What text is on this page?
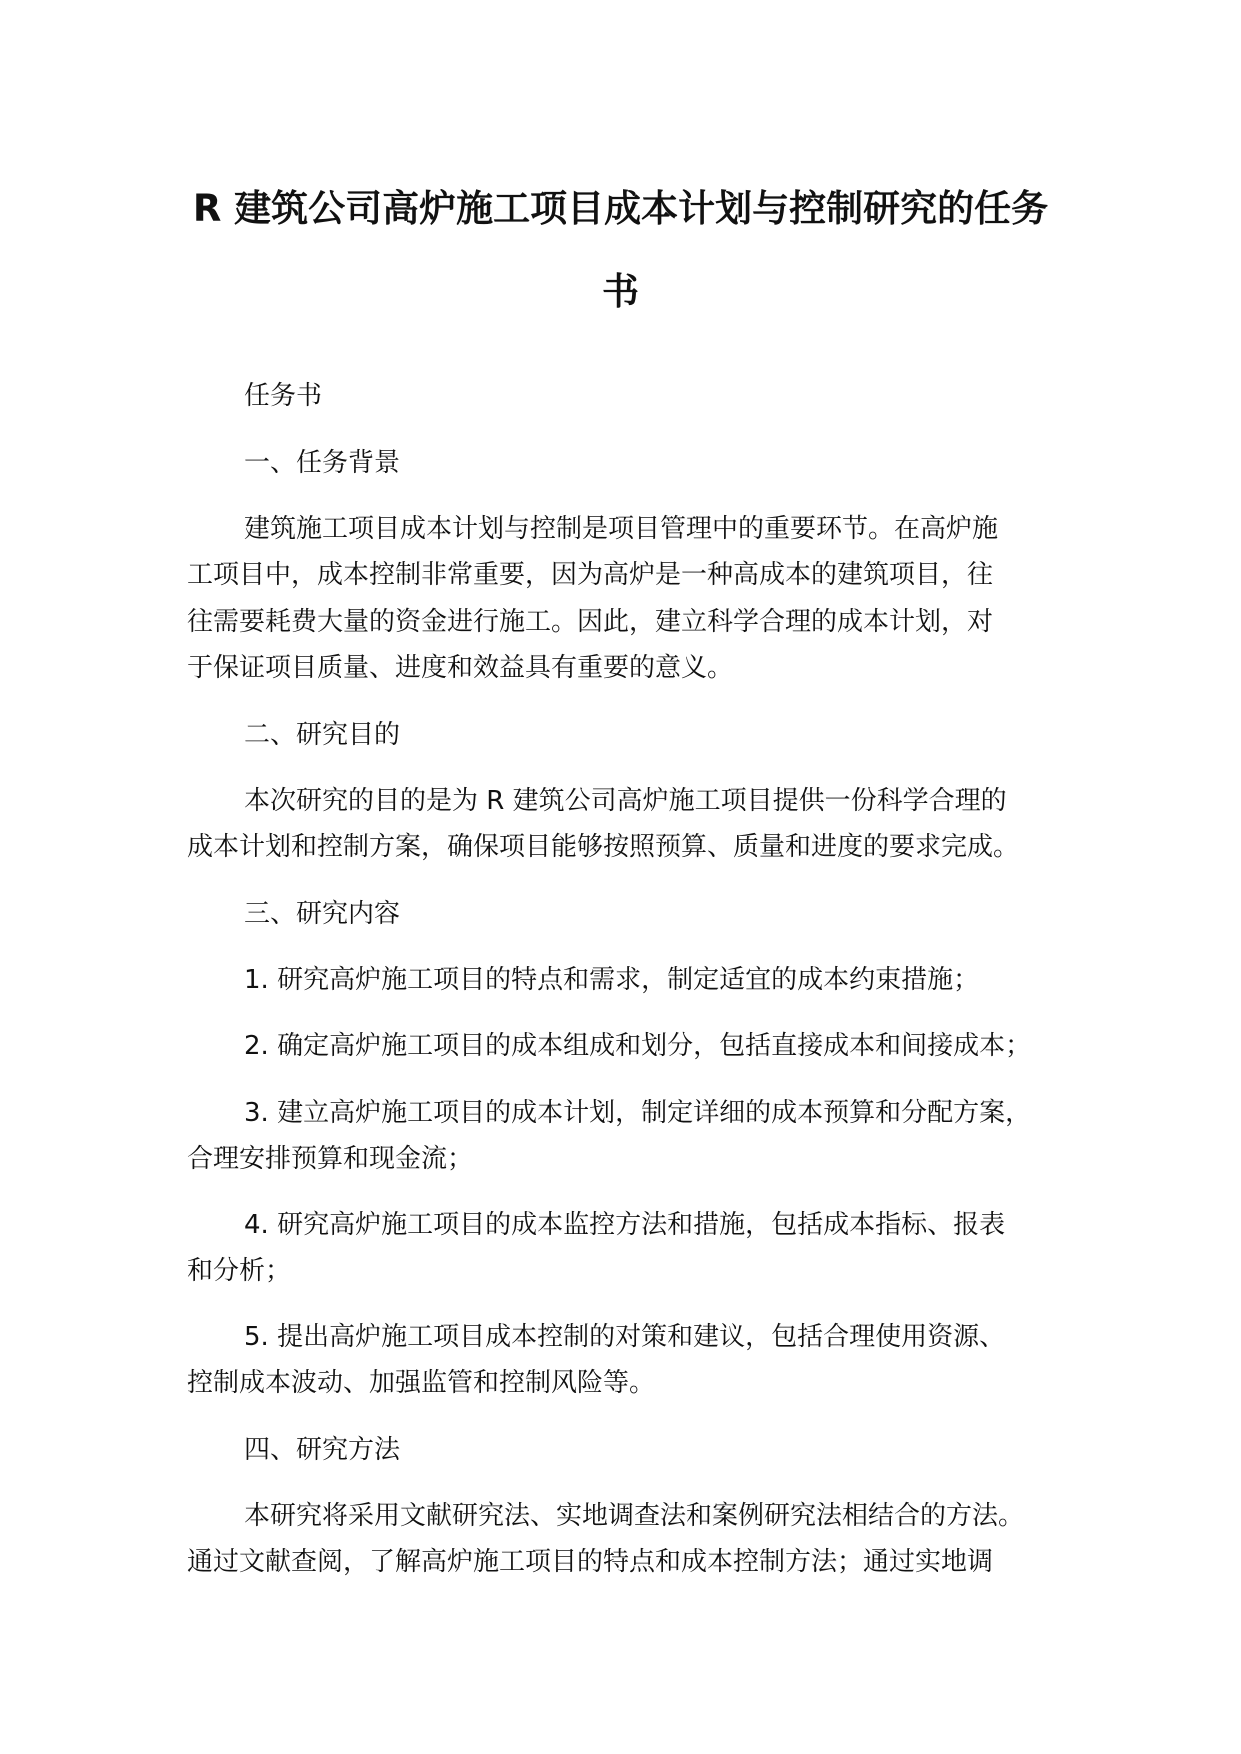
R 建筑公司高炉施工项目成本计划与控制研究的任务
书
任务书
一、任务背景
建筑施工项目成本计划与控制是项目管理中的重要环节。在高炉施
工项目中，成本控制非常重要，因为高炉是一种高成本的建筑项目，往
往需要耗费大量的资金进行施工。因此，建立科学合理的成本计划，对
于保证项目质量、进度和效益具有重要的意义。
二、研究目的
本次研究的目的是为 R 建筑公司高炉施工项目提供一份科学合理的
成本计划和控制方案，确保项目能够按照预算、质量和进度的要求完成。
三、研究内容
1. 研究高炉施工项目的特点和需求，制定适宜的成本约束措施；
2. 确定高炉施工项目的成本组成和划分，包括直接成本和间接成本；
3. 建立高炉施工项目的成本计划，制定详细的成本预算和分配方案，
合理安排预算和现金流；
4. 研究高炉施工项目的成本监控方法和措施，包括成本指标、报表
和分析；
5. 提出高炉施工项目成本控制的对策和建议，包括合理使用资源、
控制成本波动、加强监管和控制风险等。
四、研究方法
本研究将采用文献研究法、实地调查法和案例研究法相结合的方法。
通过文献查阅，了解高炉施工项目的特点和成本控制方法；通过实地调
